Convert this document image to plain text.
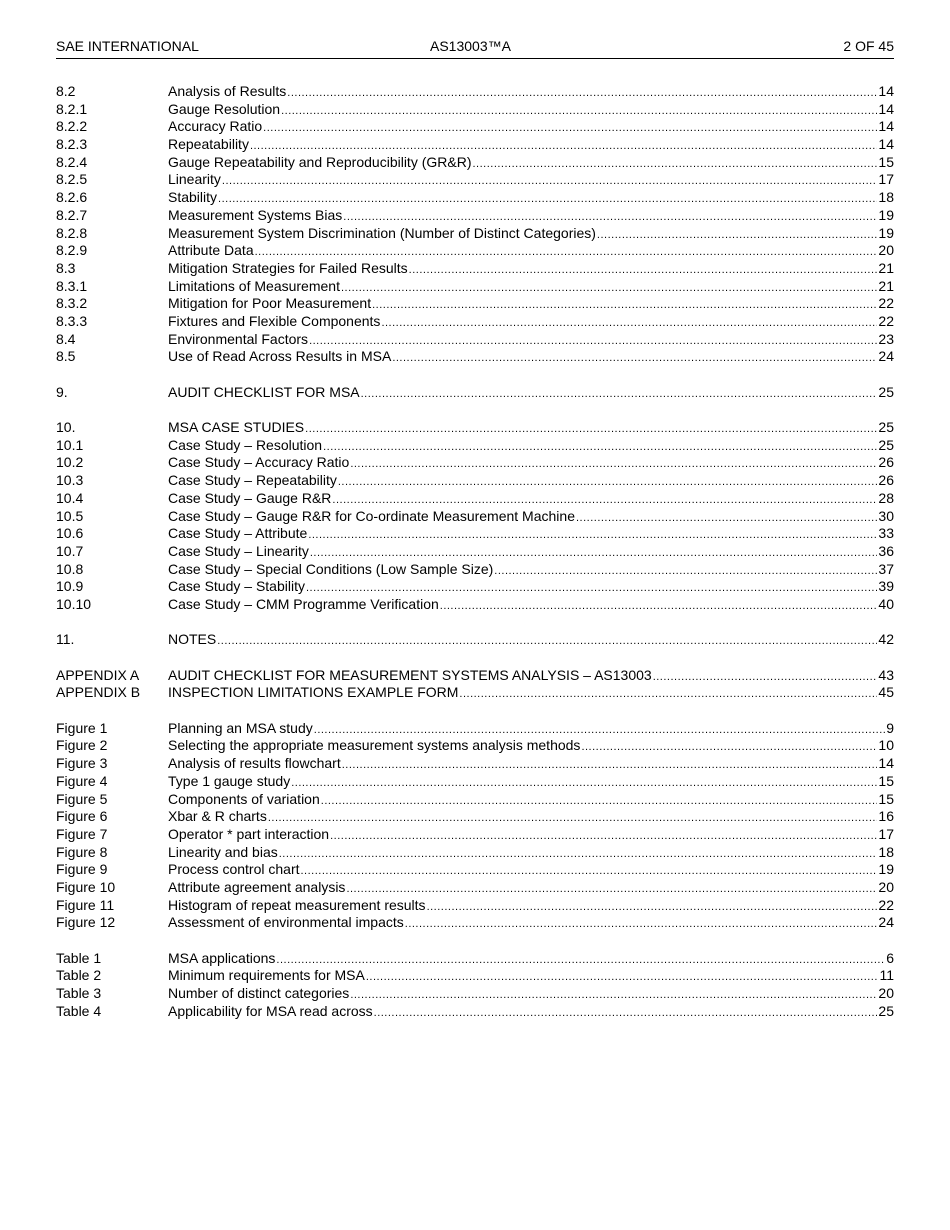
SAE INTERNATIONAL	AS13003™A	2 OF 45
8.2	Analysis of Results .....	14
8.2.1	Gauge Resolution .....	14
8.2.2	Accuracy Ratio .....	14
8.2.3	Repeatability .....	14
8.2.4	Gauge Repeatability and Reproducibility (GR&R) .....	15
8.2.5	Linearity .....	17
8.2.6	Stability .....	18
8.2.7	Measurement Systems Bias .....	19
8.2.8	Measurement System Discrimination (Number of Distinct Categories) .....	19
8.2.9	Attribute Data .....	20
8.3	Mitigation Strategies for Failed Results .....	21
8.3.1	Limitations of Measurement .....	21
8.3.2	Mitigation for Poor Measurement .....	22
8.3.3	Fixtures and Flexible Components .....	22
8.4	Environmental Factors .....	23
8.5	Use of Read Across Results in MSA .....	24
9.	AUDIT CHECKLIST FOR MSA .....	25
10.	MSA CASE STUDIES .....	25
10.1	Case Study – Resolution .....	25
10.2	Case Study – Accuracy Ratio .....	26
10.3	Case Study – Repeatability .....	26
10.4	Case Study – Gauge R&R .....	28
10.5	Case Study – Gauge R&R for Co-ordinate Measurement Machine .....	30
10.6	Case Study – Attribute .....	33
10.7	Case Study – Linearity .....	36
10.8	Case Study – Special Conditions (Low Sample Size) .....	37
10.9	Case Study – Stability .....	39
10.10	Case Study – CMM Programme Verification .....	40
11.	NOTES .....	42
APPENDIX A	AUDIT CHECKLIST FOR MEASUREMENT SYSTEMS ANALYSIS – AS13003 .....	43
APPENDIX B	INSPECTION LIMITATIONS EXAMPLE FORM .....	45
Figure 1	Planning an MSA study .....	9
Figure 2	Selecting the appropriate measurement systems analysis methods .....	10
Figure 3	Analysis of results flowchart .....	14
Figure 4	Type 1 gauge study .....	15
Figure 5	Components of variation .....	15
Figure 6	Xbar & R charts .....	16
Figure 7	Operator * part interaction .....	17
Figure 8	Linearity and bias .....	18
Figure 9	Process control chart .....	19
Figure 10	Attribute agreement analysis .....	20
Figure 11	Histogram of repeat measurement results .....	22
Figure 12	Assessment of environmental impacts .....	24
Table 1	MSA applications .....	6
Table 2	Minimum requirements for MSA .....	11
Table 3	Number of distinct categories .....	20
Table 4	Applicability for MSA read across .....	25
